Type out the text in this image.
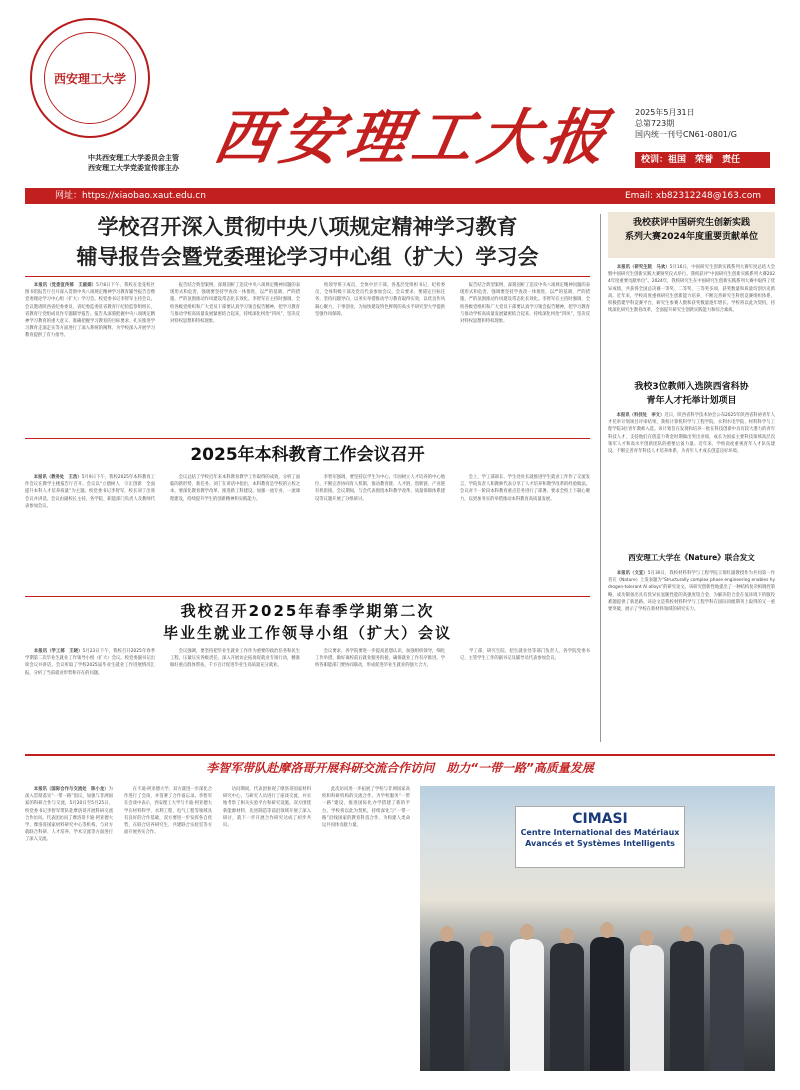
西安理工大学
西安理工大报
中共西安理工大学委员会主管
西安理工大学党委宣传部主办
2025年5月31日
总第723期
国内统一刊号CN61-0801/G
校训：祖国　荣誉　责任
网址：https://xiaobao.xaut.edu.cn	Email: xb82312248@163.com
学校召开深入贯彻中央八项规定精神学习教育
辅导报告会暨党委理论学习中心组（扩大）学习会
本报讯（党委宣传部　王淑娟）5月8日下午，我校在金花校区图书馆报告厅召开深入贯彻中央八项规定精神学习教育辅导报告会暨党委理论学习中心组（扩大）学习会。校党委书记李智军主持会议。会议邀请陕西省纪委委员、省纪委监委驻省教育厅纪检监察组组长、省教育厅党组成员作专题辅导报告。报告从深刻把握中央八项规定精神学习教育的重大意义、准确把握学习教育的目标要求、扎实推进学习教育走深走实等方面进行了深入系统的阐释，为学校深入开展学习教育提供了有力指导。
报告结合典型案例，深刻剖析了违反中央八项规定精神问题的表现形式和危害，强调要坚持学查改一体推进，以严的基调、严的措施、严的氛围推动作风建设常态化长效化。李智军在主持时强调，全校各级党组织和广大党员干部要认真学习领会报告精神，把学习教育与推动学校高质量发展紧密结合起来，持续深化纠治“四风”，坚决反对特权思想和特权现象。
校领导班子成员，全体中层干部，各基层党组织书记、纪检委员，全体科级干部及党员代表参加会议。会议要求，要锚定目标任务，坚持问题导向，以务实举措推动学习教育取得实效，以优良作风凝心聚力、干事创业，为加快建设特色鲜明的高水平研究型大学提供坚强作风保障。
报告结合典型案例，深刻剖析了违反中央八项规定精神问题的表现形式和危害，强调要坚持学查改一体推进，以严的基调、严的措施、严的氛围推动作风建设常态化长效化。李智军在主持时强调，全校各级党组织和广大党员干部要认真学习领会报告精神，把学习教育与推动学校高质量发展紧密结合起来，持续深化纠治“四风”，坚决反对特权思想和特权现象。
2025年本科教育工作会议召开
本报讯（教务处　王浩）5月9日下午，我校2025年本科教育工作会议在教学主楼报告厅召开。会议以“立德树人　守正创新　全面提升本科人才培养质量”为主题。校党委书记李智军，校长刘丁出席会议并讲话。会议由副校长主持。各学院、职能部门负责人及教师代表参加会议。
会议总结了学校近年来本科教育教学工作取得的成效，分析了面临的新形势、新任务。刘丁在讲话中指出，本科教育是学校的立校之本，要深化教育教学改革，推进新工科建设，加强一流专业、一流课程建设，持续提升学生的创新精神和实践能力。
李智军强调，要坚持以学生为中心，牢固树立人才培养的中心地位，不断完善协同育人机制，推动教育链、人才链、创新链、产业链有机衔接。会议期间，与会代表围绕本科教学改革、质量保障体系建设等议题开展了分组研讨。
会上，学工部部长、学生处处长就推进学生就业工作作了交流发言，学院负责人和教师代表分享了人才培养和教学改革的经验做法。会议对下一阶段本科教育重点任务进行了部署，要求全校上下凝心聚力，以更加务实的举措推动本科教育高质量发展。
我校召开2025年春季学期第二次
毕业生就业工作领导小组（扩大）会议
本报讯（学工部　王晓）5月23日下午，我校召开2025年春季学期第二次毕业生就业工作领导小组（扩大）会议。校党委副书记出席会议并讲话。会议听取了学校2025届毕业生就业工作进展情况汇报，分析了当前就业形势和存在的问题。
会议强调，要坚持把毕业生就业工作作为重要的政治任务和民生工程，压紧压实各级责任，深入开展访企拓岗促就业专项行动，精准做好重点群体帮扶，千方百计促进毕业生高质量充分就业。
会议要求，各学院要进一步提高思想认识，加强组织领导，细化工作举措，做好离校前后就业服务衔接，确保就业工作有序推进。学校各职能部门要协同联动，形成促进毕业生就业的强大合力。
学工部、研究生院、招生就业处等部门负责人，各学院党委书记、主管学生工作的副书记及辅导员代表参加会议。
我校获评中国研究生创新实践
系列大赛2024年度重要贡献单位
本报讯（研究生院　马欢）5月16日，中国研究生创新实践系列大赛年度总结大会暨中国研究生创新实践大赛颁奖仪式举行。我校获评“中国研究生创新实践系列大赛2024年度重要贡献单位”。2024年，我校研究生在中国研究生创新实践系列大赛中取得了优异成绩，共获得全国总决赛一等奖、二等奖、三等奖多项，获奖数量和质量均创历史新高。近年来，学校高度重视研究生创新能力培养，不断完善研究生科创竞赛组织体系，积极搭建学科竞赛平台，研究生参赛人数和获奖数量逐年增长。学校将以此为契机，持续深化研究生教育改革，全面提升研究生创新实践能力和综合素质。
我校3位教师入选陕西省科协
青年人才托举计划项目
本报讯（科技处　李文）近日，陕西省科学技术协会公布2025年陕西省科协青年人才托举计划项目评审结果，我校计算机科学与工程学院、水利水电学院、材料科学与工程学院3位青年教师入选。该计划旨在发现和培养一批在科技创新中具有较大潜力的青年科技人才，支持他们在创造力黄金时期做出突出业绩，成长为国家主要科技领域高层次领军人才和高水平创新团队的重要后备力量。近年来，学校高度重视青年人才队伍建设，不断完善青年科技人才培养体系，为青年人才成长创造良好环境。
西安理工大学在《Nature》联合发文
本报讯（文宣）5月30日，我校材料科学与工程学院王瑞红副教授作为共同第一作者在《Nature》上发表题为“Structurally complex phase engineering enables hydrogen-tolerant Al alloys”的研究论文。该研究创新性地提出了一种结构复杂相调控策略，成功制备出具有优异抗氢脆性能的高强度铝合金，为解决铝合金在氢环境下的服役难题提供了新思路。该论文是我校材料科学与工程学科在国际顶级期刊上取得的又一重要突破，展示了学校在新材料领域的研究实力。
李智军带队赴摩洛哥开展科研交流合作访问　助力“一带一路”高质量发展
本报讯（国际合作与交流处　陈小龙）为深入贯彻落实“一带一路”倡议，加强与非洲国家的科研合作与交流，5月20日至5月25日，校党委书记李智军带队赴摩洛哥开展科研交流合作访问。代表团访问了摩洛哥卡迪·阿亚德大学、摩洛哥国家材料研究中心等机构，与对方就联合科研、人才培养、学术交流等方面进行了深入交流。
在卡迪·阿亚德大学，双方就进一步深化合作进行了会谈，并签署了合作备忘录。李智军在会谈中表示，西安理工大学与卡迪·阿亚德大学在材料科学、水利工程、电气工程等领域具有良好的合作基础，双方要进一步发挥各自优势，在联合培养研究生、共建联合实验室等方面开展务实合作。
访问期间，代表团参观了摩洛哥国家材料研究中心，与研究人员进行了座谈交流，并实地考察了相关实验平台和研究设施。双方围绕新能源材料、先进制造等前沿领域开展了深入研讨，就下一步开展合作研究达成了初步共识。
此次访问进一步拓展了学校与非洲国家高校和科研机构的交流合作，为学校服务“一带一路”建设、推进国际化办学搭建了新的平台。学校将以此为契机，持续深化与“一带一路”沿线国家的教育科技合作，为构建人类命运共同体贡献力量。	CIMASI
Centre International des Matériaux Avancés et Systèmes Intelligents
